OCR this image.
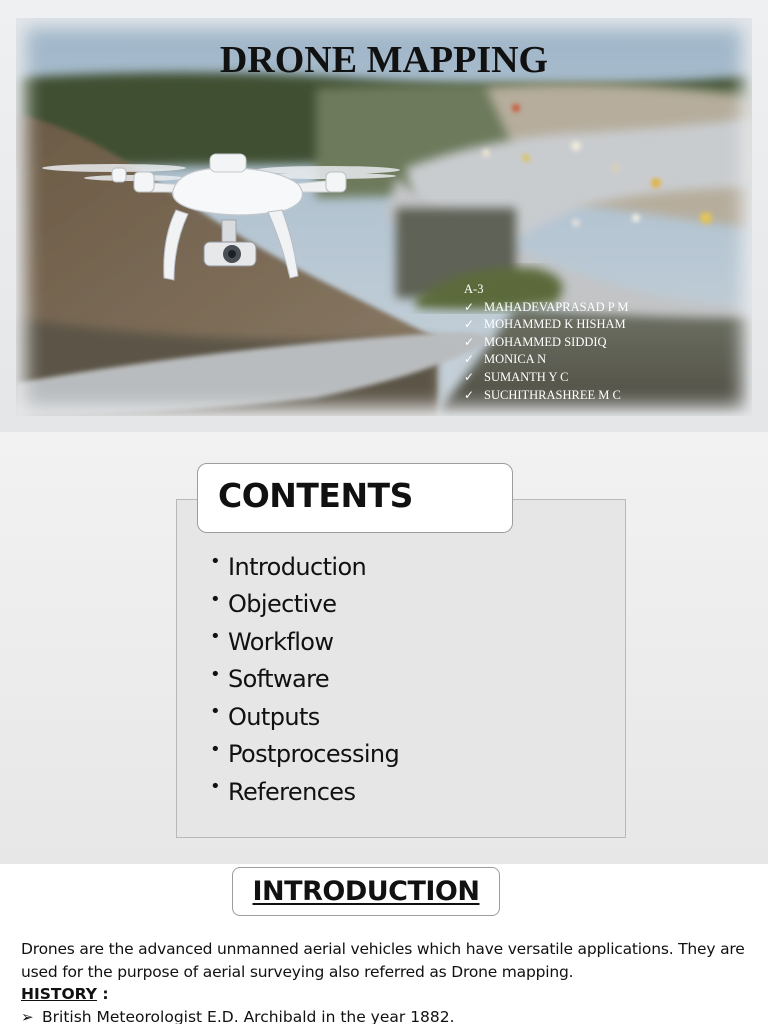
DRONE MAPPING
A-3
✓ MAHADEVAPRASAD P M
✓ MOHAMMED K HISHAM
✓ MOHAMMED SIDDIQ
✓ MONICA N
✓ SUMANTH Y C
✓ SUCHITHRASHREE M C
CONTENTS
• Introduction
• Objective
• Workflow
• Software
• Outputs
• Postprocessing
• References
INTRODUCTION

Drones are the advanced unmanned aerial vehicles which have versatile applications. They are used for the purpose of aerial surveying also referred as Drone mapping.

HISTORY :
➢ British Meteorologist E.D. Archibald in the year 1882.
